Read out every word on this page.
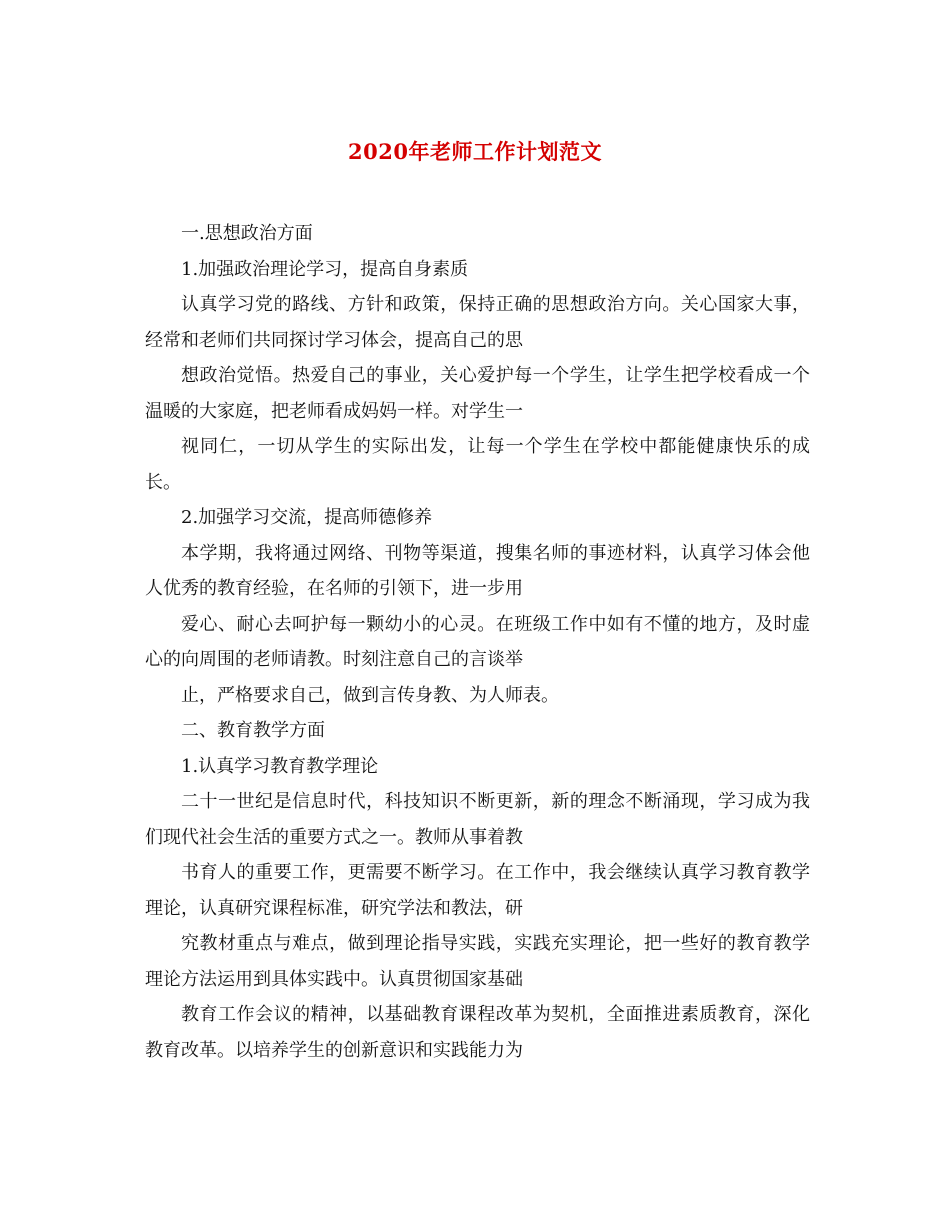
2020年老师工作计划范文

一.思想政治方面

1.加强政治理论学习，提高自身素质

认真学习党的路线、方针和政策，保持正确的思想政治方向。关心国家大事，经常和老师们共同探讨学习体会，提高自己的思

想政治觉悟。热爱自己的事业，关心爱护每一个学生，让学生把学校看成一个温暖的大家庭，把老师看成妈妈一样。对学生一

视同仁，一切从学生的实际出发，让每一个学生在学校中都能健康快乐的成长。

2.加强学习交流，提高师德修养

本学期，我将通过网络、刊物等渠道，搜集名师的事迹材料，认真学习体会他人优秀的教育经验，在名师的引领下，进一步用

爱心、耐心去呵护每一颗幼小的心灵。在班级工作中如有不懂的地方，及时虚心的向周围的老师请教。时刻注意自己的言谈举

止，严格要求自己，做到言传身教、为人师表。

二、教育教学方面

1.认真学习教育教学理论

二十一世纪是信息时代，科技知识不断更新，新的理念不断涌现，学习成为我们现代社会生活的重要方式之一。教师从事着教

书育人的重要工作，更需要不断学习。在工作中，我会继续认真学习教育教学理论，认真研究课程标准，研究学法和教法，研

究教材重点与难点，做到理论指导实践，实践充实理论，把一些好的教育教学理论方法运用到具体实践中。认真贯彻国家基础

教育工作会议的精神，以基础教育课程改革为契机，全面推进素质教育，深化教育改革。以培养学生的创新意识和实践能力为
